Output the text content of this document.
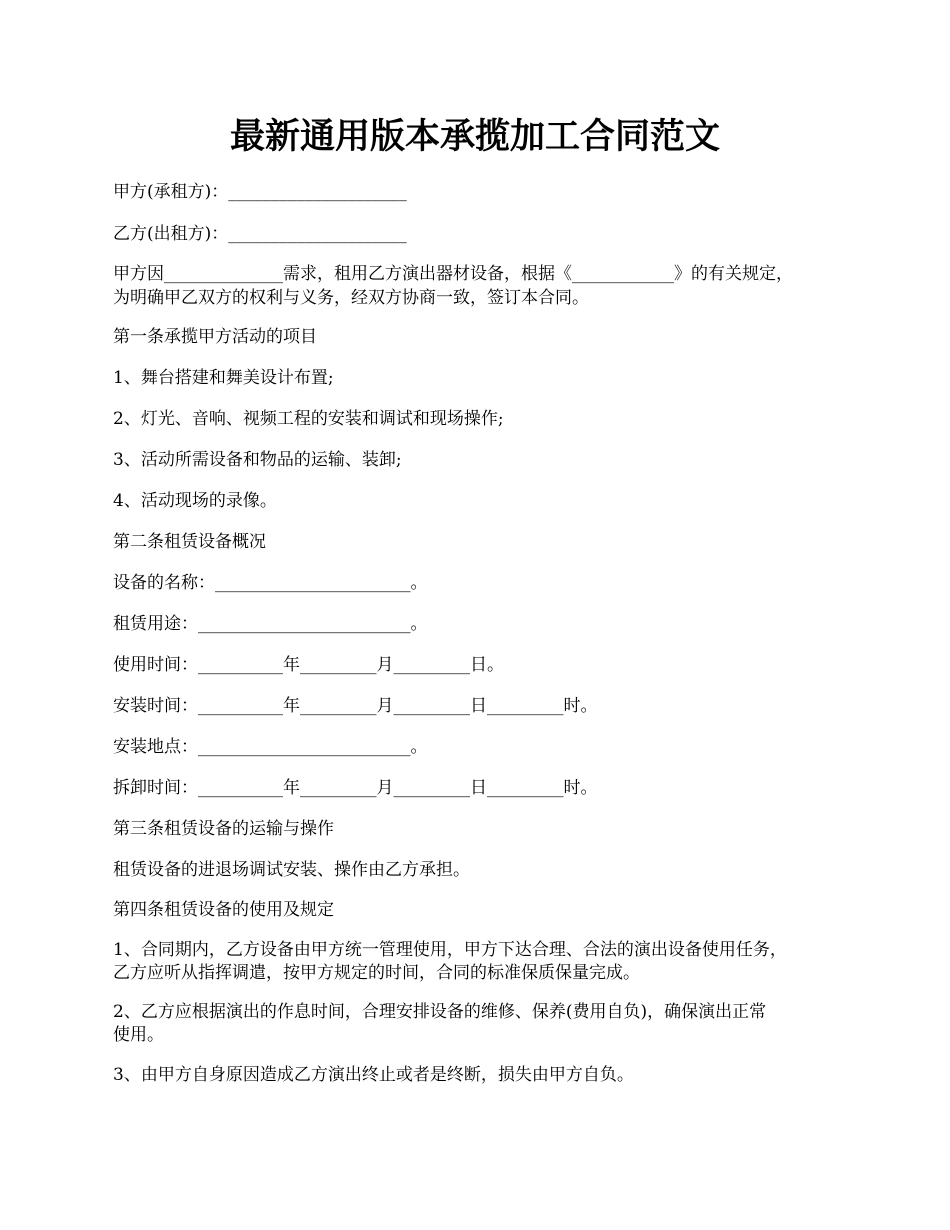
最新通用版本承揽加工合同范文
甲方(承租方)：_____________________
乙方(出租方)：_____________________
甲方因______________需求，租用乙方演出器材设备，根据《____________》的有关规定，
为明确甲乙双方的权利与义务，经双方协商一致，签订本合同。
第一条承揽甲方活动的项目
1、舞台搭建和舞美设计布置;
2、灯光、音响、视频工程的安装和调试和现场操作;
3、活动所需设备和物品的运输、装卸;
4、活动现场的录像。
第二条租赁设备概况
设备的名称：_______________________。
租赁用途：_________________________。
使用时间：__________年_________月_________日。
安装时间：__________年_________月_________日_________时。
安装地点：_________________________。
拆卸时间：__________年_________月_________日_________时。
第三条租赁设备的运输与操作
租赁设备的进退场调试安装、操作由乙方承担。
第四条租赁设备的使用及规定
1、合同期内，乙方设备由甲方统一管理使用，甲方下达合理、合法的演出设备使用任务，
乙方应听从指挥调遣，按甲方规定的时间，合同的标准保质保量完成。
2、乙方应根据演出的作息时间，合理安排设备的维修、保养(费用自负)，确保演出正常
使用。
3、由甲方自身原因造成乙方演出终止或者是终断，损失由甲方自负。
